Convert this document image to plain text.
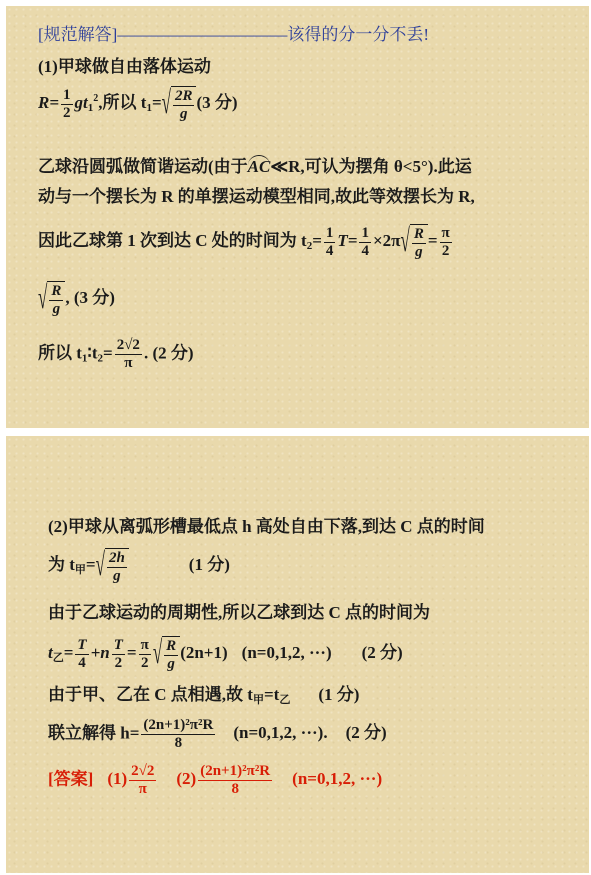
[规范解答]——————————该得的分一分不丢!
(1)甲球做自由落体运动
$R= \frac{1}{2} gt_1^2$,所以 $t_1=√ \frac{2R}{g} (3$ 分)
乙球沿圆弧做简谐运动(由于AC≪R,可认为摆角 θ<5°).此运
动与一个摆长为 R 的单摆运动模型相同,故此等效摆长为 R,
因此乙球第 1 次到达 C 处的时间为 $t_2= \frac{1}{4} T= \frac{1}{4} \times 2\pi√ \frac{R}{g} = \frac{\pi}{2}$
√ $\frac{R}{g}$ , (3 分)
所以 $t_1∶t_2= \frac{2√2}{\pi}$ . (2 分)
(2)甲球从离弧形槽最低点 h 高处自由下落,到达 C 点的时间
为 $t_甲=√ \frac{2h}{g}$	(1 分)
由于乙球运动的周期性,所以乙球到达 C 点的时间为
$t_乙= \frac{T}{4} +n \frac{T}{2} = \frac{\pi}{2}$ √ $\frac{R}{g} (2n+1)$ (n=0,1,2, ···) (2 分)
由于甲、乙在 C 点相遇,故 $t_甲=t_乙$ (1 分)
联立解得 $h= \frac{\text{(2n+1)²π²R}}{8} (n=0,1,2$, ···). (2 分)
[答案] $(1) \frac{2√2}{\pi} (2) \frac{\text{(2n+1)²π²R}}{8} (n=0,1,2$, ···)
